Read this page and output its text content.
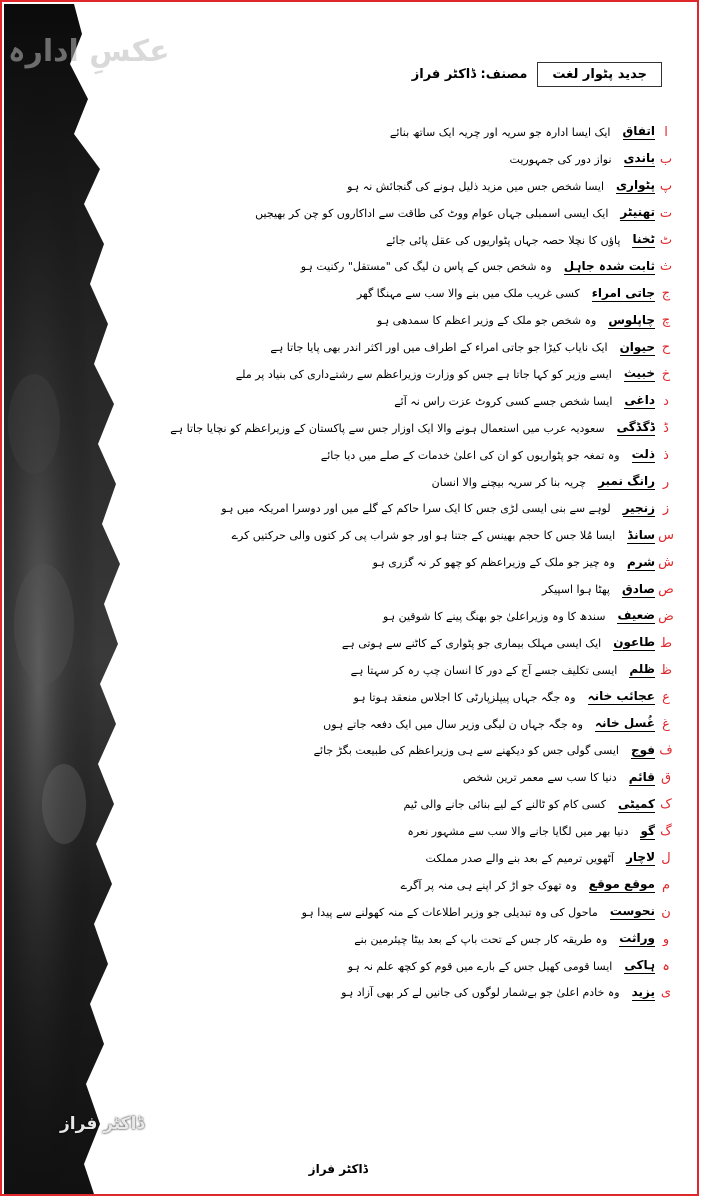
عکسِ ادارہ
ڈاکٹر فراز
جدید پٹوار لغت
مصنف: ڈاکٹر فراز
ا
اتفاق
ایک ایسا ادارہ جو سریہ اور چریہ ایک ساتھ بنائے
ب
باندی
نواز دور کی جمہوریت
پ
پٹواری
ایسا شخص جس میں مزید ذلیل ہونے کی گنجائش نہ ہو
ت
تھنیٹر
ایک ایسی اسمبلی جہاں عوام ووٹ کی طاقت سے اداکاروں کو چن کر بھیجیں
ٹ
ٹخنا
پاؤں کا نچلا حصہ جہاں پٹواریوں کی عقل پائی جائے
ث
ثابت شدہ جاہل
وہ شخص جس کے پاس ن لیگ کی "مستقل" رکنیت ہو
ج
جاتی امراء
کسی غریب ملک میں بنے والا سب سے مہنگا گھر
چ
چاپلوس
وہ شخص جو ملک کے وزیر اعظم کا سمدھی ہو
ح
حیوان
ایک نایاب کیڑا جو جاتی امراء کے اطراف میں اور اکثر اندر بھی پایا جاتا ہے
خ
خبیث
ایسے وزیر کو کہا جاتا ہے جس کو وزارت وزیراعظم سے رشتےداری کی بنیاد پر ملے
د
داغی
ایسا شخص جسے کسی کروٹ عزت راس نہ آئے
ڈ
ڈگڈگی
سعودیہ عرب میں استعمال ہونے والا ایک اوزار جس سے پاکستان کے وزیراعظم کو نچایا جاتا ہے
ذ
ذلت
وہ تمغہ جو پٹواریوں کو ان کی اعلیٰ خدمات کے صلے میں دیا جائے
ر
رانگ نمبر
چریہ بنا کر سریہ بیچنے والا انسان
ز
زنجیر
لوہے سے بنی ایسی لڑی جس کا ایک سرا حاکم کے گلے میں اور دوسرا امریکہ میں ہو
س
سانڈ
ایسا مُلا جس کا حجم بھینس کے جتنا ہو اور جو شراب پی کر کتوں والی حرکتیں کرے
ش
شرم
وہ چیز جو ملک کے وزیراعظم کو چھو کر نہ گزری ہو
ص
صادق
پھٹا ہوا اسپیکر
ض
ضعیف
سندھ کا وہ وزیراعلیٰ جو بھنگ پینے کا شوقین ہو
ط
طاعون
ایک ایسی مہلک بیماری جو پٹواری کے کاٹنے سے ہوتی ہے
ظ
ظلم
ایسی تکلیف جسے آج کے دور کا انسان چپ رہ کر سہتا ہے
ع
عجائب خانہ
وہ جگہ جہاں پیپلزپارٹی کا اجلاس منعقد ہوتا ہو
غ
غُسل خانہ
وہ جگہ جہاں ن لیگی وزیر سال میں ایک دفعہ جاتے ہوں
ف
فوج
ایسی گولی جس کو دیکھنے سے ہی وزیراعظم کی طبیعت بگڑ جائے
ق
قائم
دنیا کا سب سے معمر ترین شخص
ک
کمیٹی
کسی کام کو ٹالنے کے لیے بنائی جانے والی ٹیم
گ
گو
دنیا بھر میں لگایا جانے والا سب سے مشہور نعرہ
ل
لاچار
آٹھویں ترمیم کے بعد بنے والے صدر مملکت
م
موقع موقع
وہ تھوک جو اڑ کر اپنے ہی منہ پر آگرے
ن
نحوست
ماحول کی وہ تبدیلی جو وزیر اطلاعات کے منہ کھولنے سے پیدا ہو
و
وراثت
وہ طریقہ کار جس کے تحت باپ کے بعد بیٹا چیئرمین بنے
ہ
ہاکی
ایسا قومی کھیل جس کے بارے میں قوم کو کچھ علم نہ ہو
ی
یزید
وہ خادم اعلیٰ جو بےشمار لوگوں کی جانیں لے کر بھی آزاد ہو
ڈاکٹر فراز
